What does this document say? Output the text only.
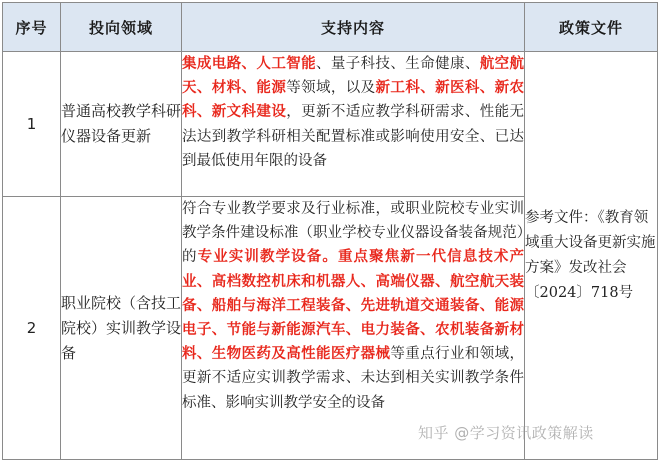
序号	投向领域	支持内容	政策文件
1	普通高校教学科研仪器设备更新	集成电路、人工智能、量子科技、生命健康、航空航天、材料、能源等领域，以及新工科、新医科、新农科、新文科建设，更新不适应教学科研需求、性能无法达到教学科研相关配置标准或影响使用安全、已达到最低使用年限的设备	参考文件：《教育领域重大设备更新实施方案》发改社会〔2024〕718号
2	职业院校（含技工院校）实训教学设备	符合专业教学要求及行业标准，或职业院校专业实训教学条件建设标准（职业学校专业仪器设备装备规范）的专业实训教学设备。重点聚焦新一代信息技术产业、高档数控机床和机器人、高端仪器、航空航天装备、船舶与海洋工程装备、先进轨道交通装备、能源电子、节能与新能源汽车、电力装备、农机装备新材料、生物医药及高性能医疗器械等重点行业和领域，更新不适应实训教学需求、未达到相关实训教学条件标准、影响实训教学安全的设备	
知乎 @学习资讯政策解读
